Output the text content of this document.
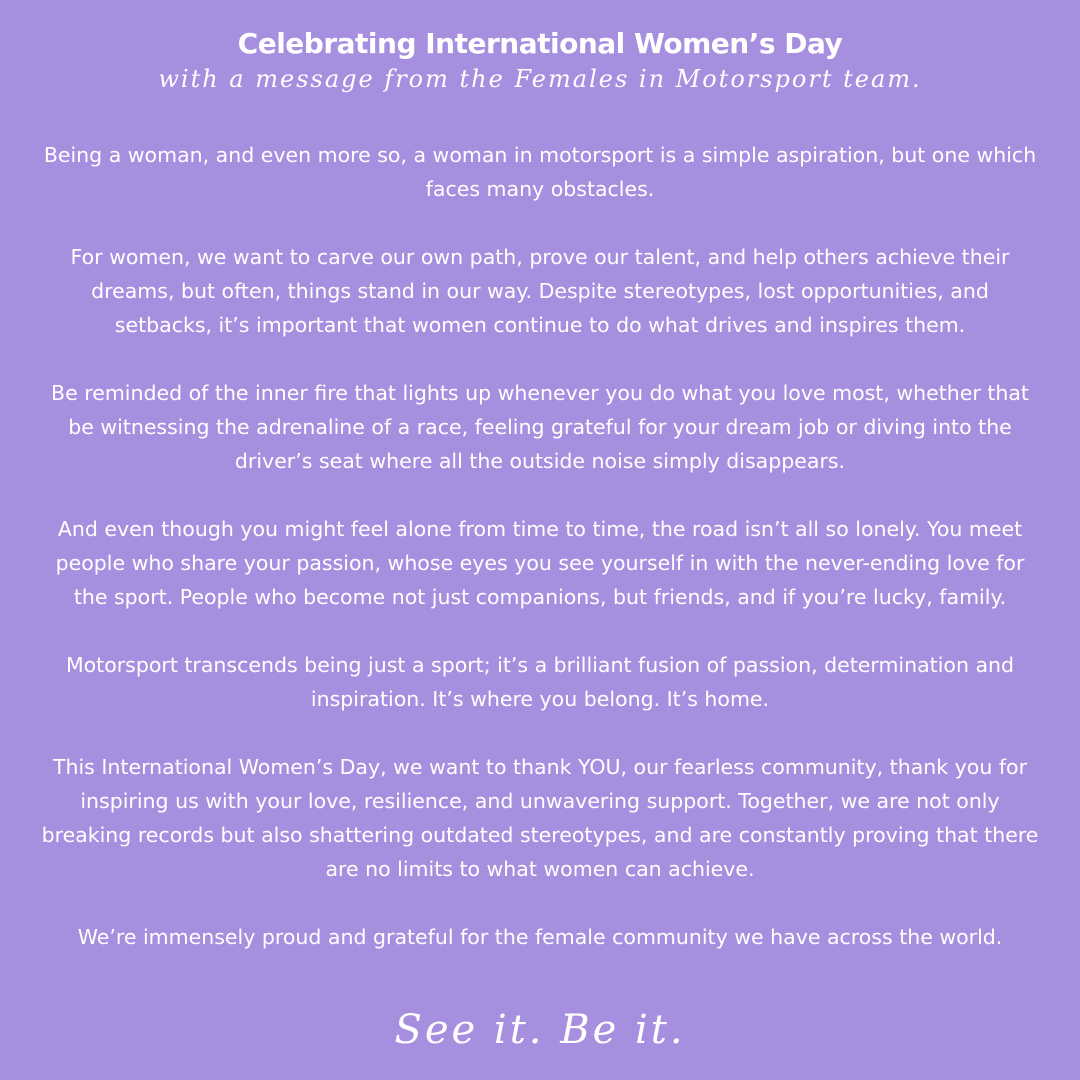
Celebrating International Women’s Day

with a message from the Females in Motorsport team.

Being a woman, and even more so, a woman in motorsport is a simple aspiration, but one which faces many obstacles.

For women, we want to carve our own path, prove our talent, and help others achieve their dreams, but often, things stand in our way. Despite stereotypes, lost opportunities, and setbacks, it’s important that women continue to do what drives and inspires them.

Be reminded of the inner fire that lights up whenever you do what you love most, whether that be witnessing the adrenaline of a race, feeling grateful for your dream job or diving into the driver’s seat where all the outside noise simply disappears.

And even though you might feel alone from time to time, the road isn’t all so lonely. You meet people who share your passion, whose eyes you see yourself in with the never-ending love for the sport. People who become not just companions, but friends, and if you’re lucky, family.

Motorsport transcends being just a sport; it’s a brilliant fusion of passion, determination and inspiration. It’s where you belong. It’s home.

This International Women’s Day, we want to thank YOU, our fearless community, thank you for inspiring us with your love, resilience, and unwavering support. Together, we are not only breaking records but also shattering outdated stereotypes, and are constantly proving that there are no limits to what women can achieve.

We’re immensely proud and grateful for the female community we have across the world.

See it. Be it.
